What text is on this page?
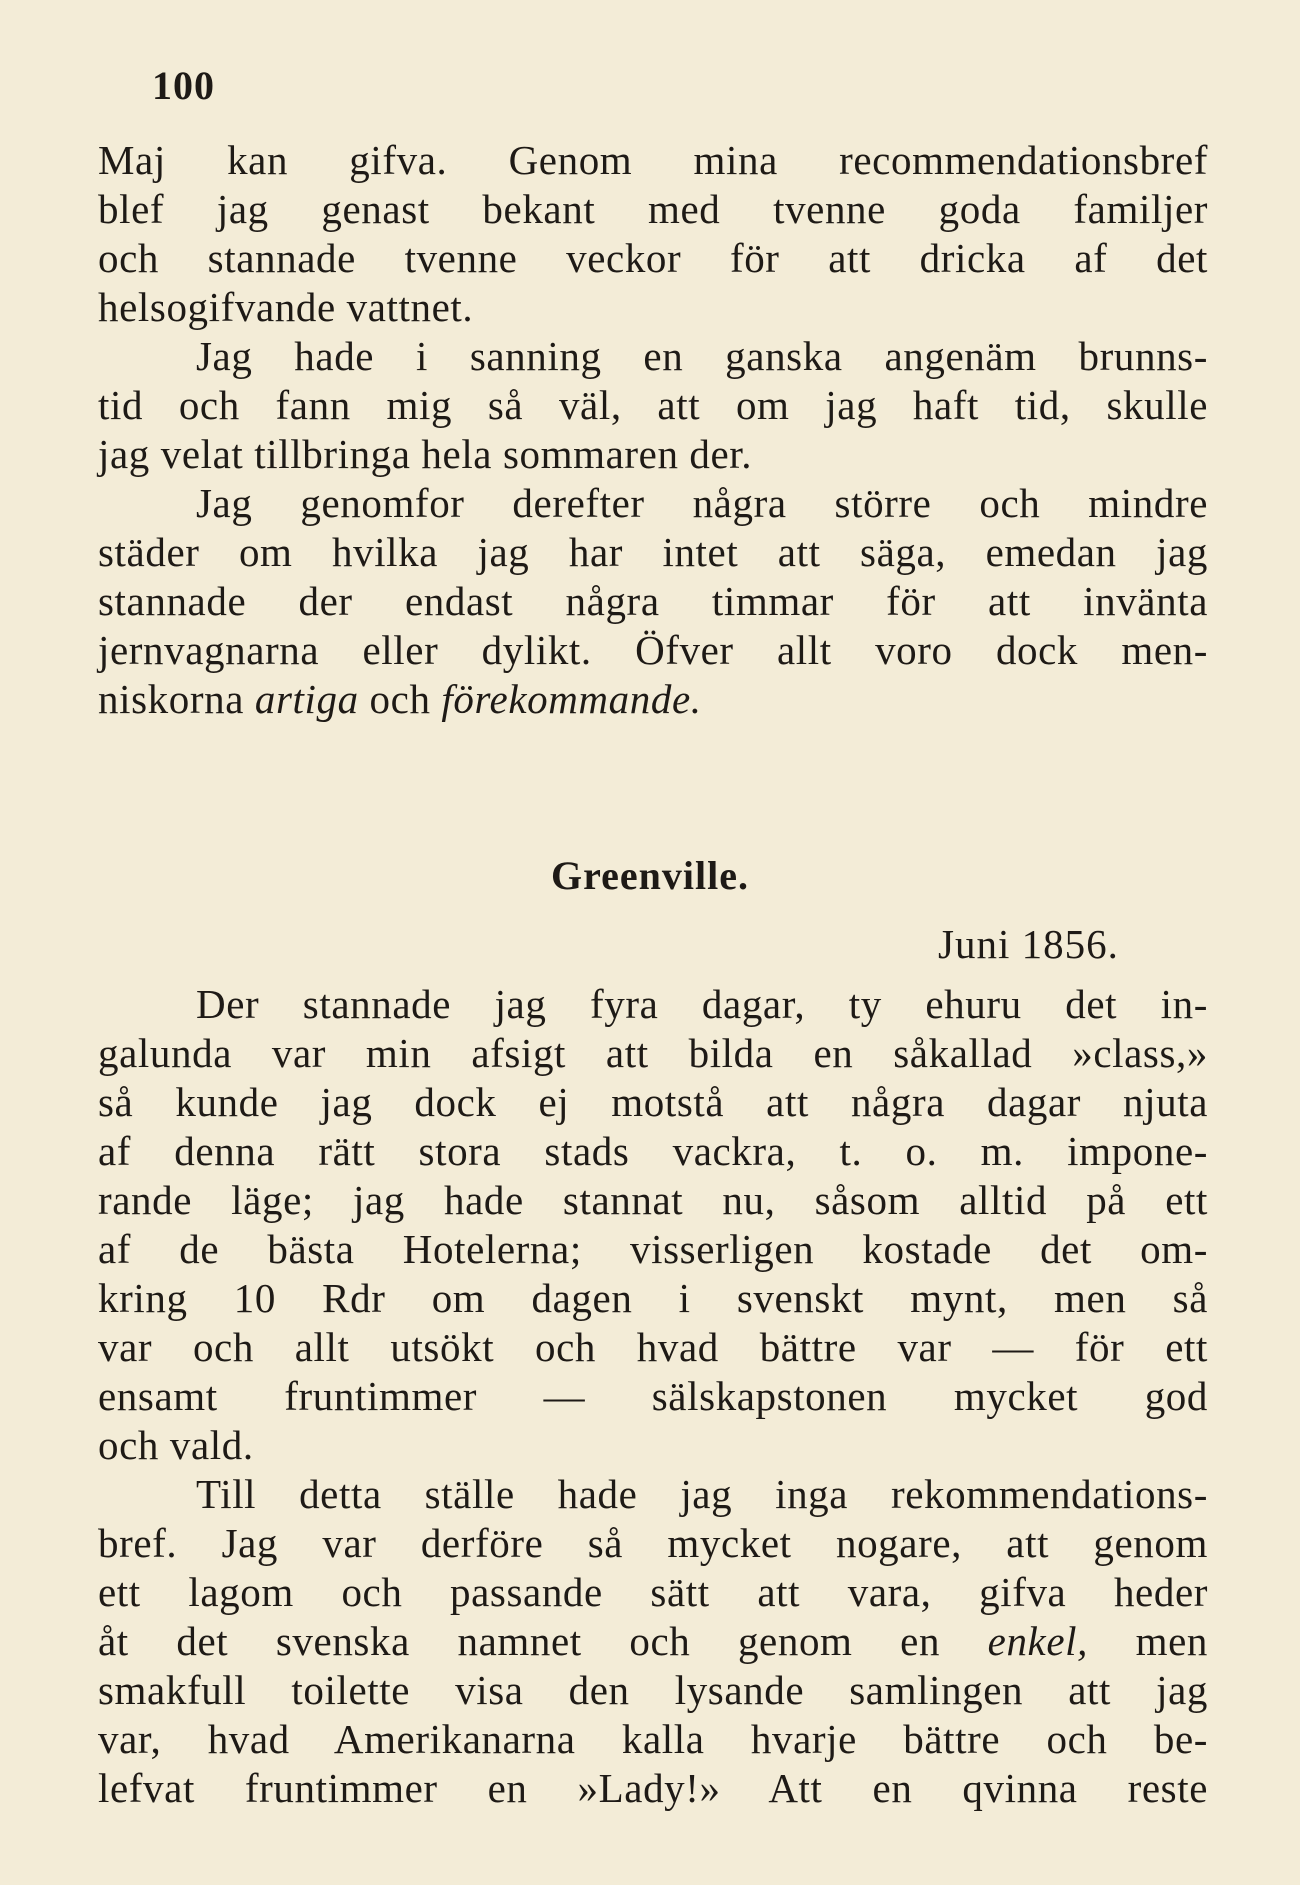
100
Maj kan gifva. Genom mina recommendationsbref
blef jag genast bekant med tvenne goda familjer
och stannade tvenne veckor för att dricka af det
helsogifvande vattnet.
Jag hade i sanning en ganska angenäm brunns-
tid och fann mig så väl, att om jag haft tid, skulle
jag velat tillbringa hela sommaren der.
Jag genomfor derefter några större och mindre
städer om hvilka jag har intet att säga, emedan jag
stannade der endast några timmar för att invänta
jernvagnarna eller dylikt. Öfver allt voro dock men-
niskorna artiga och förekommande.
Greenville.
Juni 1856.
Der stannade jag fyra dagar, ty ehuru det in-
galunda var min afsigt att bilda en såkallad »class,»
så kunde jag dock ej motstå att några dagar njuta
af denna rätt stora stads vackra, t. o. m. impone-
rande läge; jag hade stannat nu, såsom alltid på ett
af de bästa Hotelerna; visserligen kostade det om-
kring 10 Rdr om dagen i svenskt mynt, men så
var och allt utsökt och hvad bättre var — för ett
ensamt fruntimmer — sälskapstonen mycket god
och vald.
Till detta ställe hade jag inga rekommendations-
bref. Jag var derföre så mycket nogare, att genom
ett lagom och passande sätt att vara, gifva heder
åt det svenska namnet och genom en enkel, men
smakfull toilette visa den lysande samlingen att jag
var, hvad Amerikanarna kalla hvarje bättre och be-
lefvat fruntimmer en »Lady!» Att en qvinna reste
